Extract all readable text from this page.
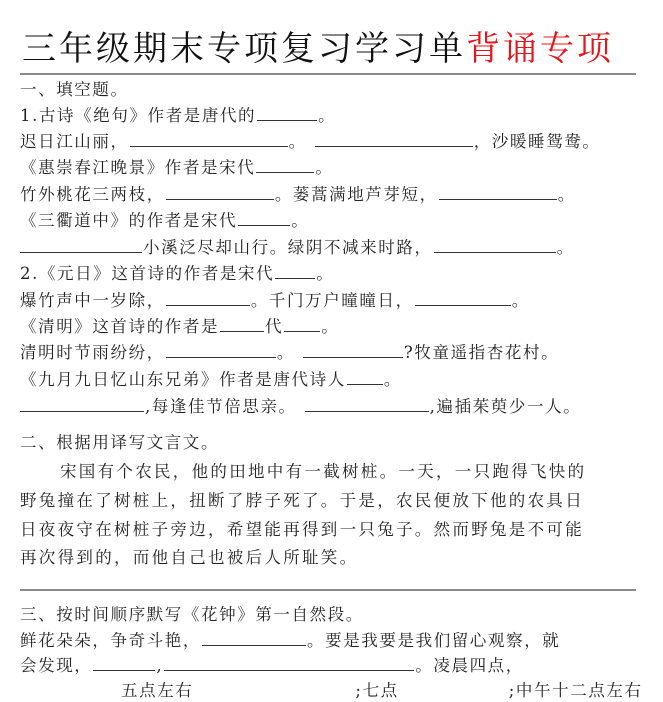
三年级期末专项复习学习单背诵专项
一、填空题。
1.古诗《绝句》作者是唐代的	。
迟日江山丽，	。	，沙暖睡鸳鸯。
《惠崇春江晚景》作者是宋代	。
竹外桃花三两枝，	。蒌蒿满地芦芽短，	。
《三衢道中》的作者是宋代	。
小溪泛尽却山行。绿阴不减来时路，	。
2.《元日》这首诗的作者是宋代	。
爆竹声中一岁除，	。千门万户曈曈日，	。
《清明》这首诗的作者是	代 。
清明时节雨纷纷，	。	?牧童遥指杏花村。
《九月九日忆山东兄弟》作者是唐代诗人 。
,每逢佳节倍思亲。	,遍插茱萸少一人。
二、根据用译写文言文。
宋国有个农民，他的田地中有一截树桩。一天，一只跑得飞快的
野兔撞在了树桩上，扭断了脖子死了。于是，农民便放下他的农具日
日夜夜守在树桩子旁边，希望能再得到一只兔子。然而野兔是不可能
再次得到的，而他自己也被后人所耻笑。
三、按时间顺序默写《花钟》第一自然段。
鲜花朵朵，争奇斗艳，	。要是我要是我们留心观察，就
会发现，	,	。凌晨四点，
五点左右	;七点	;中午十二点左右
